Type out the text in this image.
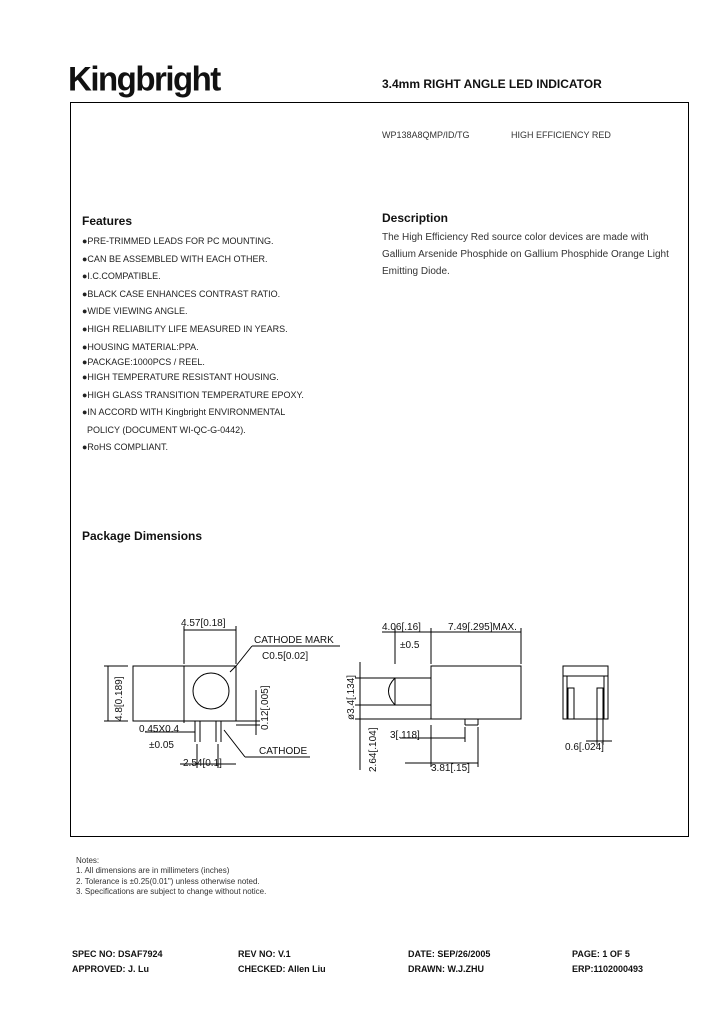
Kingbright	3.4mm RIGHT ANGLE LED INDICATOR
WP138A8QMP/ID/TG	HIGH EFFICIENCY RED
Features
●PRE-TRIMMED LEADS FOR PC MOUNTING.
●CAN BE ASSEMBLED WITH EACH OTHER.
●I.C.COMPATIBLE.
●BLACK CASE ENHANCES CONTRAST RATIO.
●WIDE VIEWING ANGLE.
●HIGH RELIABILITY LIFE MEASURED IN YEARS.
●HOUSING MATERIAL:PPA.
●PACKAGE:1000PCS / REEL.
●HIGH TEMPERATURE RESISTANT HOUSING.
●HIGH GLASS TRANSITION TEMPERATURE EPOXY.
●IN ACCORD WITH Kingbright ENVIRONMENTAL
POLICY (DOCUMENT WI-QC-G-0442).
●RoHS COMPLIANT.
Description
The High Efficiency Red source color devices are made with Gallium Arsenide Phosphide on Gallium Phosphide Orange Light Emitting Diode.
Package Dimensions
4.57[0.18]
CATHODE MARK
C0.5[0.02]
4.8[0.189]	0.12[.005]
0.45X0.4
±0.05
CATHODE
2.54[0.1]
4.06[.16]
±0.5
7.49[.295]MAX.
ø3.4[.134]
2.64[.104] 3[.118]
3.81[.15]
0.6[.024]
Notes:
1. All dimensions are in millimeters (inches)
2. Tolerance is ±0.25(0.01") unless otherwise noted.
3. Specifications are subject to change without notice.
SPEC NO: DSAF7924	REV NO: V.1	DATE: SEP/26/2005	PAGE: 1 OF 5
APPROVED: J. Lu	CHECKED: Allen Liu	DRAWN: W.J.ZHU	ERP:1102000493
